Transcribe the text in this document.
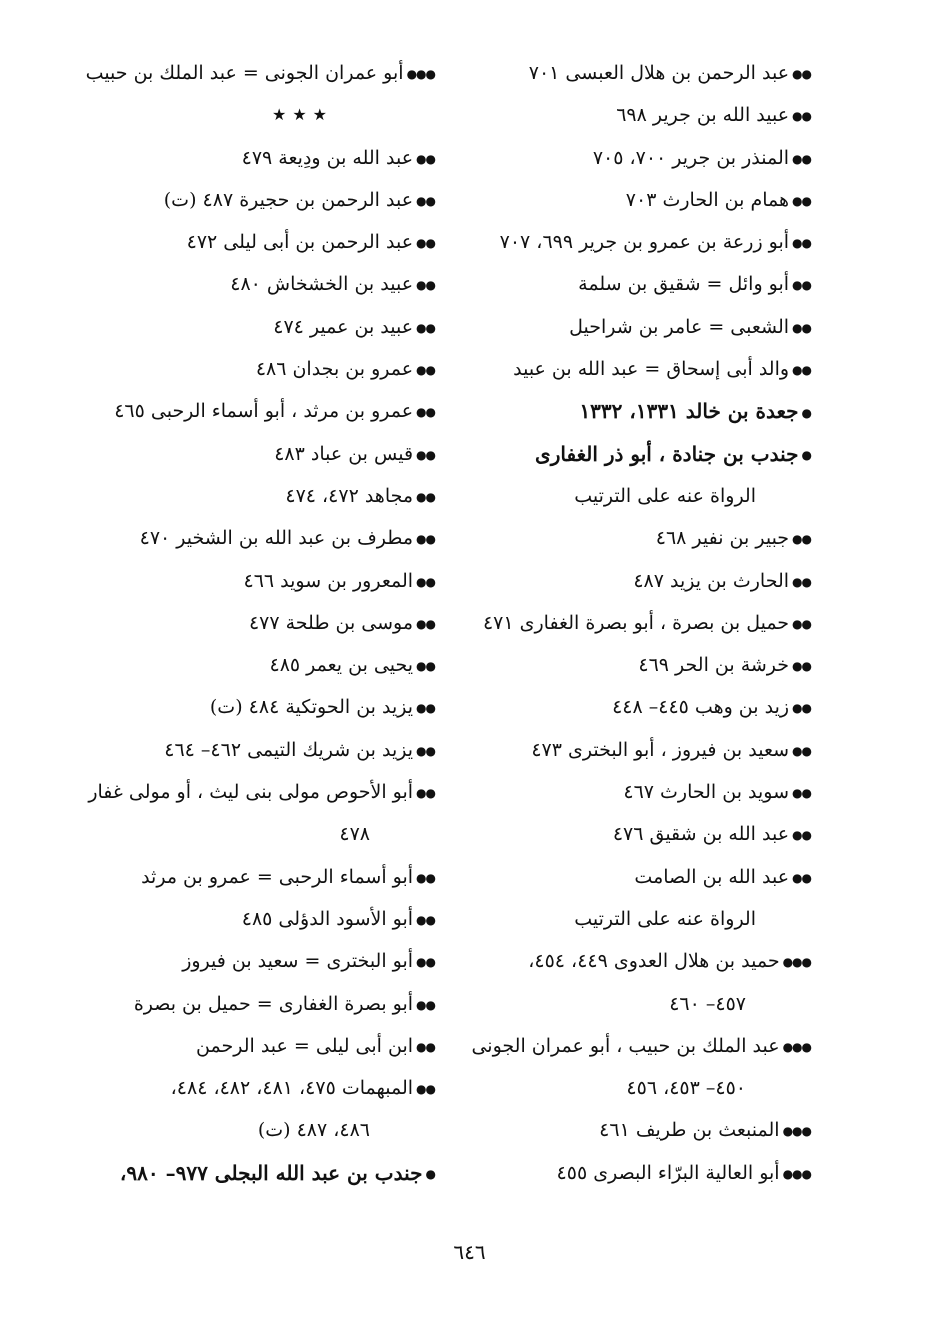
●●عبد الرحمن بن هلال العبسى ٧٠١
●●عبيد الله بن جرير ٦٩٨
●●المنذر بن جرير ٧٠٠، ٧٠٥
●●همام بن الحارث ٧٠٣
●●أبو زرعة بن عمرو بن جرير ٦٩٩، ٧٠٧
●●أبو وائل = شقيق بن سلمة
●●الشعبى = عامر بن شراحيل
●●والد أبى إسحاق = عبد الله بن عبيد
●جعدة بن خالد ١٣٣١، ١٣٣٢
●جندب بن جنادة ، أبو ذر الغفارى
الرواة عنه على الترتيب
●●جبير بن نفير ٤٦٨
●●الحارث بن يزيد ٤٨٧
●●حميل بن بصرة ، أبو بصرة الغفارى ٤٧١
●●خرشة بن الحر ٤٦٩
●●زيد بن وهب ٤٤٥– ٤٤٨
●●سعيد بن فيروز ، أبو البخترى ٤٧٣
●●سويد بن الحارث ٤٦٧
●●عبد الله بن شقيق ٤٧٦
●●عبد الله بن الصامت
الرواة عنه على الترتيب
●●●حميد بن هلال العدوى ٤٤٩، ٤٥٤،
٤٥٧– ٤٦٠
●●●عبد الملك بن حبيب ، أبو عمران الجونى
٤٥٠– ٤٥٣، ٤٥٦
●●●المنبعث بن طريف ٤٦١
●●●أبو العالية البرّاء البصرى ٤٥٥
●●●أبو عمران الجونى = عبد الملك بن حبيب
★★★
●●عبد الله بن ودِيعة ٤٧٩
●●عبد الرحمن بن حجيرة ٤٨٧ (ت)
●●عبد الرحمن بن أبى ليلى ٤٧٢
●●عبيد بن الخشخاش ٤٨٠
●●عبيد بن عمير ٤٧٤
●●عمرو بن بجدان ٤٨٦
●●عمرو بن مرثد ، أبو أسماء الرحبى ٤٦٥
●●قيس بن عباد ٤٨٣
●●مجاهد ٤٧٢، ٤٧٤
●●مطرف بن عبد الله بن الشخير ٤٧٠
●●المعرور بن سويد ٤٦٦
●●موسى بن طلحة ٤٧٧
●●يحيى بن يعمر ٤٨٥
●●يزيد بن الحوتكية ٤٨٤ (ت)
●●يزيد بن شريك التيمى ٤٦٢– ٤٦٤
●●أبو الأحوص مولى بنى ليث ، أو مولى غفار
٤٧٨
●●أبو أسماء الرحبى = عمرو بن مرثد
●●أبو الأسود الدؤلى ٤٨٥
●●أبو البخترى = سعيد بن فيروز
●●أبو بصرة الغفارى = حميل بن بصرة
●●ابن أبى ليلى = عبد الرحمن
●●المبهمات ٤٧٥، ٤٨١، ٤٨٢، ٤٨٤،
٤٨٦، ٤٨٧ (ت)
●جندب بن عبد الله البجلى ٩٧٧– ٩٨٠،
٦٤٦
